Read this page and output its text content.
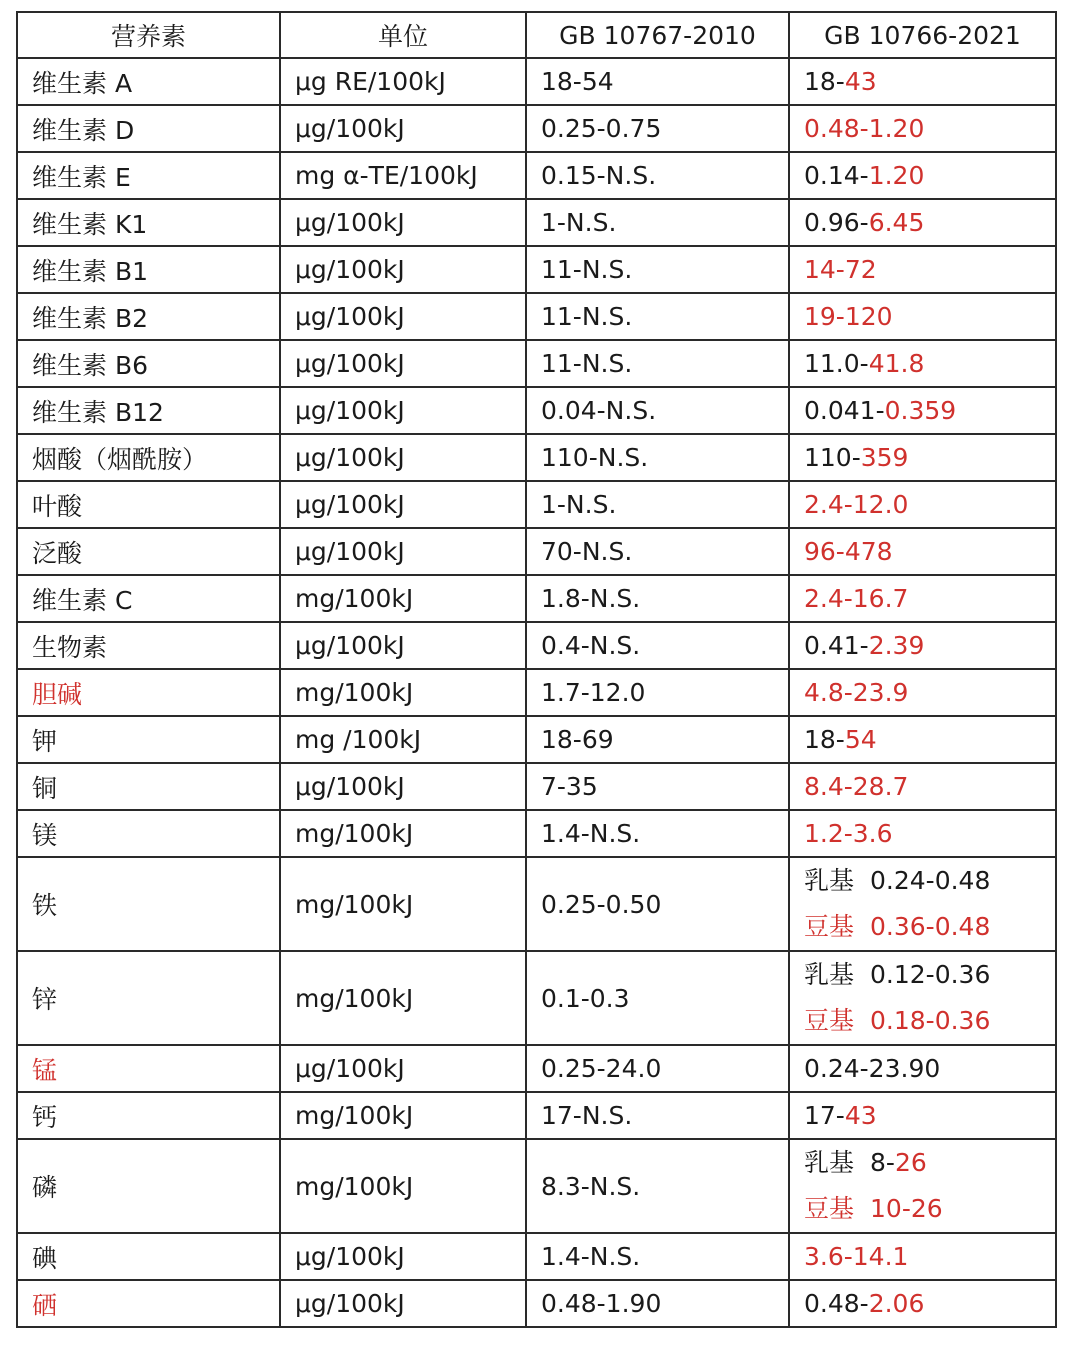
营养素	单位	GB 10767-2010	GB 10766-2021
维生素 A	μg RE/100kJ	18-54	18-43
维生素 D	μg/100kJ	0.25-0.75	0.48-1.20
维生素 E	mg α-TE/100kJ	0.15-N.S.	0.14-1.20
维生素 K1	μg/100kJ	1-N.S.	0.96-6.45
维生素 B1	μg/100kJ	11-N.S.	14-72
维生素 B2	μg/100kJ	11-N.S.	19-120
维生素 B6	μg/100kJ	11-N.S.	11.0-41.8
维生素 B12	μg/100kJ	0.04-N.S.	0.041-0.359
烟酸（烟酰胺）	μg/100kJ	110-N.S.	110-359
叶酸	μg/100kJ	1-N.S.	2.4-12.0
泛酸	μg/100kJ	70-N.S.	96-478
维生素 C	mg/100kJ	1.8-N.S.	2.4-16.7
生物素	μg/100kJ	0.4-N.S.	0.41-2.39
胆碱	mg/100kJ	1.7-12.0	4.8-23.9
钾	mg /100kJ	18-69	18-54
铜	μg/100kJ	7-35	8.4-28.7
镁	mg/100kJ	1.4-N.S.	1.2-3.6
铁	mg/100kJ	0.25-0.50	乳基 0.24-0.48
豆基 0.36-0.48

锌	mg/100kJ	0.1-0.3	乳基 0.12-0.36
豆基 0.18-0.36

锰	μg/100kJ	0.25-24.0	0.24-23.90
钙	mg/100kJ	17-N.S.	17-43
磷	mg/100kJ	8.3-N.S.	乳基 8-26
豆基 10-26

碘	μg/100kJ	1.4-N.S.	3.6-14.1
硒	μg/100kJ	0.48-1.90	0.48-2.06
